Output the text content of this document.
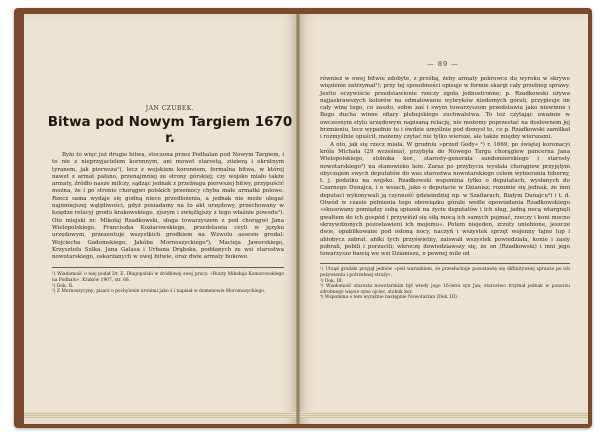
JAN CZUBEK.
Bitwa pod Nowym Targiem 1670 r.

Było to więc już drugie bitwa, stoczona przez Podhalan pod Nowym Targiem, i to nie z nieprzyjacielem koronnym, ani mowet starostą, ziizierą i okrutnym tyranem, jak pierwsza¹), lecz z wojskiem koronnem, formalna bitwa, w której nawet z armat pałano, przenajmniej ze strony górskiej; czy wojsko miało także armaty, źródło nasze milczy, sądząc jednak z przebiegu pierwszej bitwy, przypuścić można, że i po stronie chorągwi polskich przemocy chyba małe armatki polowe. Rzecz sama wydaje się godną nieco przedlożenia, a jednak nie może ulegać najmniejszej wątpliwości, gdyż posiadamy na to akt urzędowy, przechowany w księdze relacyj grodu krakowskiego, zjszym i zwięźlęjszy z tego właśnie powodu²). Oto miejski nr. Mikołaj Rzadkowski, sługa towarzyszem z pod chorągwi Jana Wielopolskiego, Franciszka Koziarowskiego, przedstawia ceyli w języku urzędowym, przezentuje wszystkich grodkiem na Wzwolu assesin grodal: Wojciecha Gadomskiego, Jakóba Mornoszyckiego³), Macieja Jaworskiego, Krzysztofa Sulka, Jana Galasa i Urbana Drąbska, poddanych ze wsi starostwa nowotarskiego, oskarżanych w owej bitwie, oraz dwie armaty bukowe.

¹) Wiadomość o niej podał Dr. E. Długopolski w źródłowej swej pracy: »Bunty Mikołaja Komorowskiego na Podhalu«. Kraków 1907, str. 66.

²) Dok. II.

³) Z Mornoszycyny; pisarz o pochylonie uronimi jako ś i napisał w domenowie Moromozyckiego.

— 89 —

również w owej bitwie zdobyte, z prośbą, żeby armaty pokrowce do wyroku w skrywe więzienie zatrzymał¹); przy tej sposobności opisuje w formie skargi cały przebieg sprawy. Jestto oczywiście przedstawienie rzeczy zgoła jednostronne; p. Rzadkowski używa najjaskrawszych kolorów na odmalowanie wybryków niedomych górali, przypisuje im cały winę tego, co zaszło, sobie zaś i swym towarzyszom przedstawia jako niewinne i Bogu ducha winne ofiary plebejskiego zuchwalstwa. To też czytając uważnie w owczesnym stylu urzędowym napisaną relację, nie możemy poprzestać na dosłownem jej brzmieniu, lecz wypadnie tu i ówdzie umyślnie pod domysł to, co p. Rzadkowski zamilkał i rozmyślnie opuścił, możemy czytać nie tylko wiersze, ale także między wierszami.

A oto, jak się rzecz miała. W grudniu »przed Gody« ²) r. 1669, po świętej koronacyi króla Michała (29 września), przybyła do Nowego Targu chorągiew pancerna Jana Wielopolskiego, stolnika kor., starosty-generała sandomierskiego i starosty nowotarskiego³) na stanowisko leże. Zaraz po przybyciu wysłała chorągiew przyjętym obyczajem swych deputatów do was starostwa nowotarskiego celem wybierania hiberny, t. j. podatku na wojsko. Rzadkowski wspomina tylko o deputatach, wysłanych do Czarnego Dunajca, i o wsiach, jako o deputacie w Dzianisz; rozumie się jednak, że inni deputaci wykonywali ją czynność gdzieindziej np. w Szaflarach, Białym Dunajcu⁴) i t. d. Otwód w czasie pełnienia tego obowiązku górale wedle opowiadania Rzadkowskiego »skusowany pomiędzy sobą spiszek na życie deputatów i ich sług, jadną nocą wtargnęli gwałtem do ich gospód i przywiózł się siłą mocą ich samych pojmać, rzeczy i koni mocno skrzywdzonych pozostawieni ich mojemu«. Potem niejeden, zrzuty uniebione, jeszcze dwie, opublikowane pod osłoną nocy, naczyń i wszystek sprzęt wojenny tajno lup i ahłobycz zabrał, ahłki tych przyświetny, zaiswali wszystek powiedziała, konie i zasiy pobrali, pobili i porzucili; wkroczę dowiedziawszy się, że on (Rzadkowski) i inni jego towarzysze bawią we wsi Dzianiszu, o pewnej mile od

¹) Urząd grodzki przyjął jednów »pod warunkiem, że przesłuchuje pozostawię się diffinitywnej sprawie po ich pożywieniu i potrzebnej straży«.

²) Dok. III.

³) Wiadomość starosta nowotarskim był wtedy jogo 16-letni syn Jan; starostwo trzymał jednak w ponurzu zdrobnego więcie syna ojciec, stolnik kor.

⁴) Wspomina o tem wyraźnie następnie Nowotarżan (Dok. III).
